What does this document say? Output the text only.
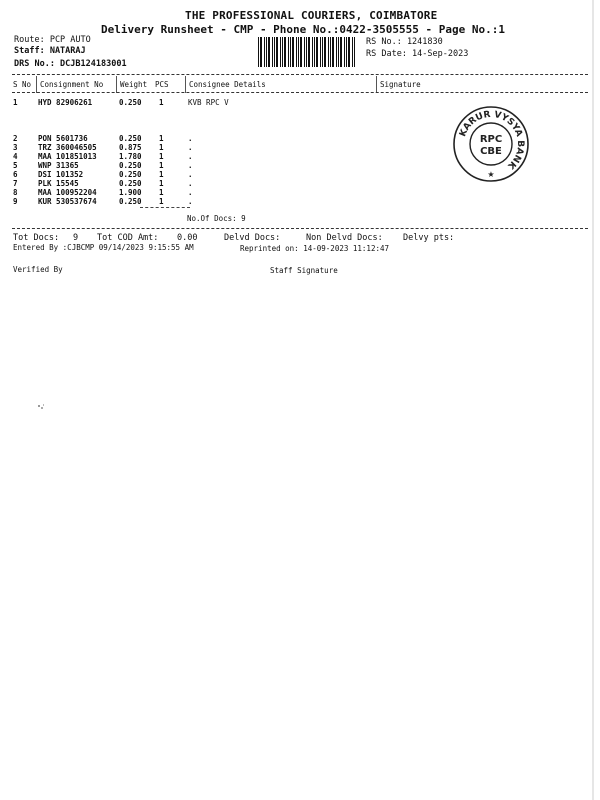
THE PROFESSIONAL COURIERS, COIMBATORE
Delivery Runsheet - CMP - Phone No.:0422-3505555 - Page No.:1
Route: PCP AUTO
Staff: NATARAJ
DRS No.: DCJB124183001
RS No.: 1241830
RS Date: 14-Sep-2023
S No Consignment No Weight PCS	Consignee Details	Signature
1	HYD 82906261	0.250 1	KVB RPC V
2	PON 5601736	0.250 1	.
3	TRZ 360046505	0.875 1	.
4	MAA 101851013	1.780 1	.
5	WNP 31365	0.250 1	.
6	DSI 101352	0.250 1	.
7	PLK 15545	0.250 1	.
8	MAA 100952204	1.900 1	.
9	KUR 530537674	0.250 1	.
No.Of Docs: 9
Tot Docs: 9 Tot COD Amt: 0.00	Delvd Docs:	Non Delvd Docs: Delvy pts:
Entered By :CJBCMP 09/14/2023 9:15:55 AM	Reprinted on: 14-09-2023 11:12:47
Verified By	Staff Signature
KARUR VYSYA BANK
RPC
CBE
★
